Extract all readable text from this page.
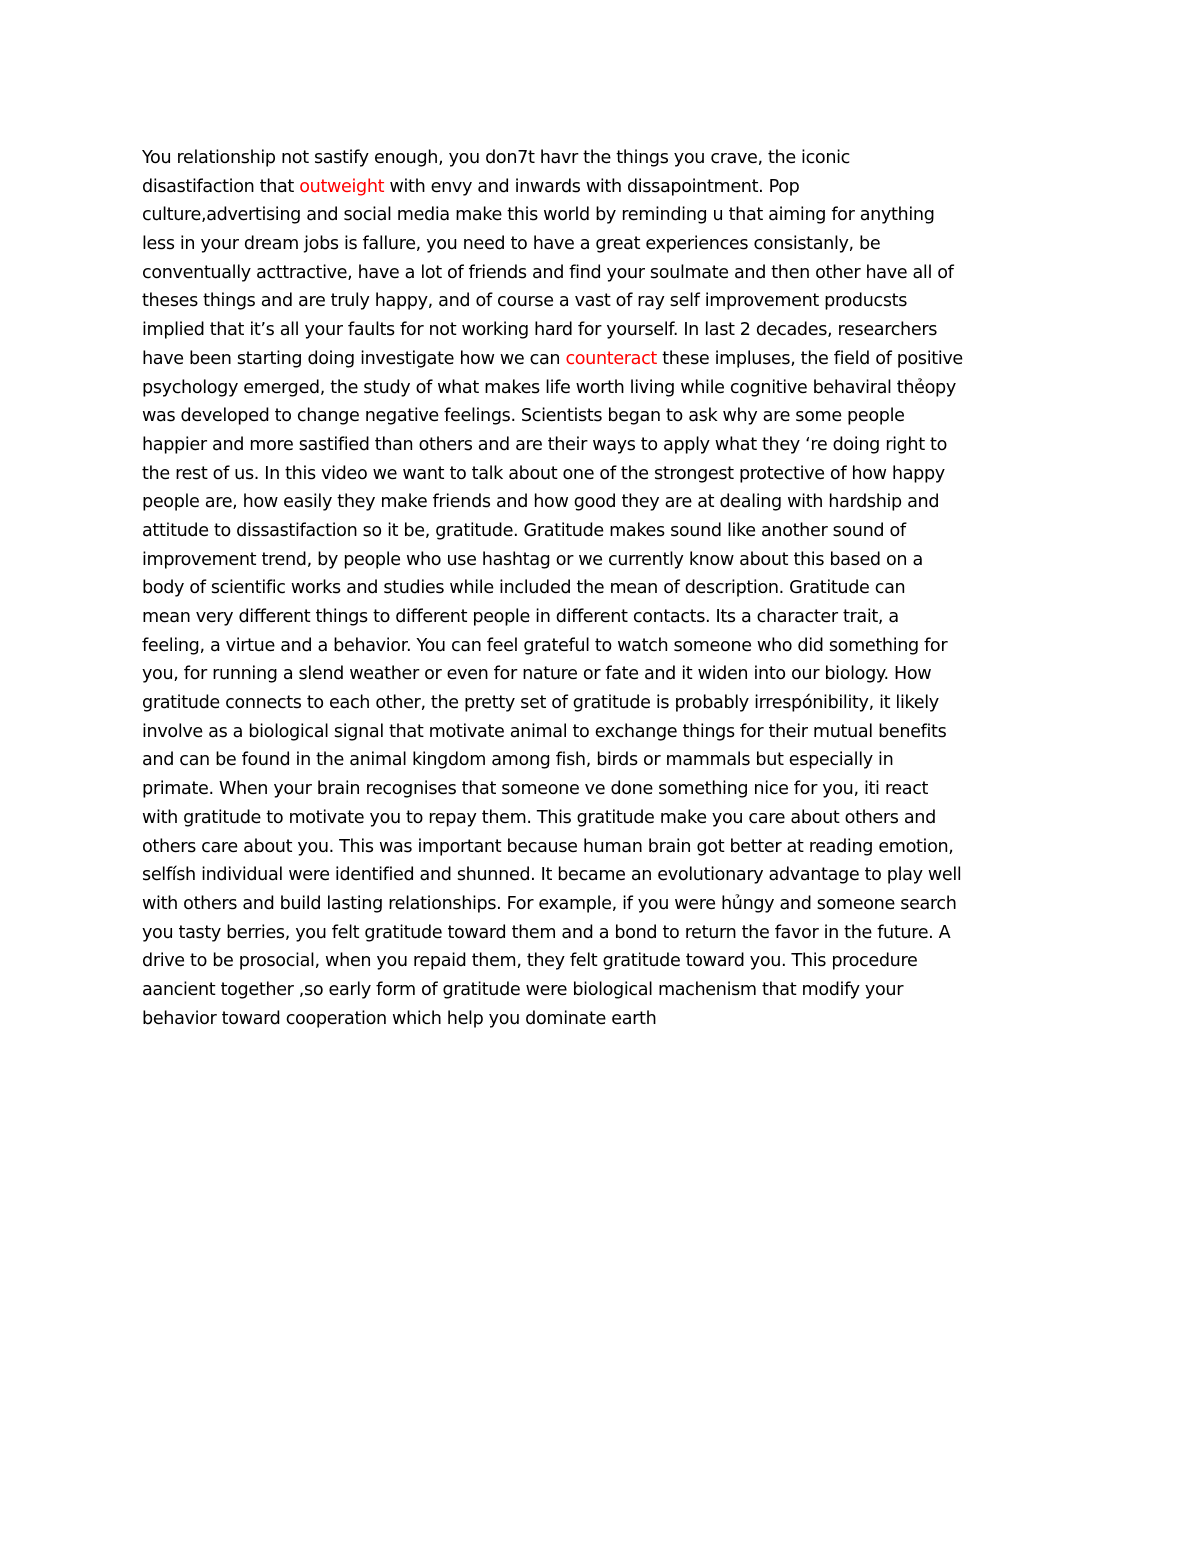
You relationship not sastify enough, you don7t havr the things you crave, the iconic
disastifaction that outweight with envy and inwards with dissapointment. Pop
culture,advertising and social media make this world by reminding u that aiming for anything
less in your dream jobs is fallure, you need to have a great experiences consistanly, be
conventually acttractive, have a lot of friends and find your soulmate and then other have all of
theses things and are truly happy, and of course a vast of ray self improvement producsts
implied that it’s all your faults for not working hard for yourself. In last 2 decades, researchers
have been starting doing investigate how we can counteract these impluses, the field of positive
psychology emerged, the study of what makes life worth living while cognitive behaviral thẻopy
was developed to change negative feelings. Scientists began to ask why are some people
happier and more sastified than others and are their ways to apply what they ‘re doing right to
the rest of us. In this video we want to talk about one of the strongest protective of how happy
people are, how easily they make friends and how good they are at dealing with hardship and
attitude to dissastifaction so it be, gratitude. Gratitude makes sound like another sound of
improvement trend, by people who use hashtag or we currently know about this based on a
body of scientific works and studies while included the mean of description. Gratitude can
mean very different things to different people in different contacts. Its a character trait, a
feeling, a virtue and a behavior. You can feel grateful to watch someone who did something for
you, for running a slend weather or even for nature or fate and it widen into our biology. How
gratitude connects to each other, the pretty set of gratitude is probably irrespónibility, it likely
involve as a biological signal that motivate animal to exchange things for their mutual benefits
and can be found in the animal kingdom among fish, birds or mammals but especially in
primate. When your brain recognises that someone ve done something nice for you, iti react
with gratitude to motivate you to repay them. This gratitude make you care about others and
others care about you. This was important because human brain got better at reading emotion,
selfísh individual were identified and shunned. It became an evolutionary advantage to play well
with others and build lasting relationships. For example, if you were hủngy and someone search
you tasty berries, you felt gratitude toward them and a bond to return the favor in the future. A
drive to be prosocial, when you repaid them, they felt gratitude toward you. This procedure
aancient together ,so early form of gratitude were biological machenism that modify your
behavior toward cooperation which help you dominate earth
